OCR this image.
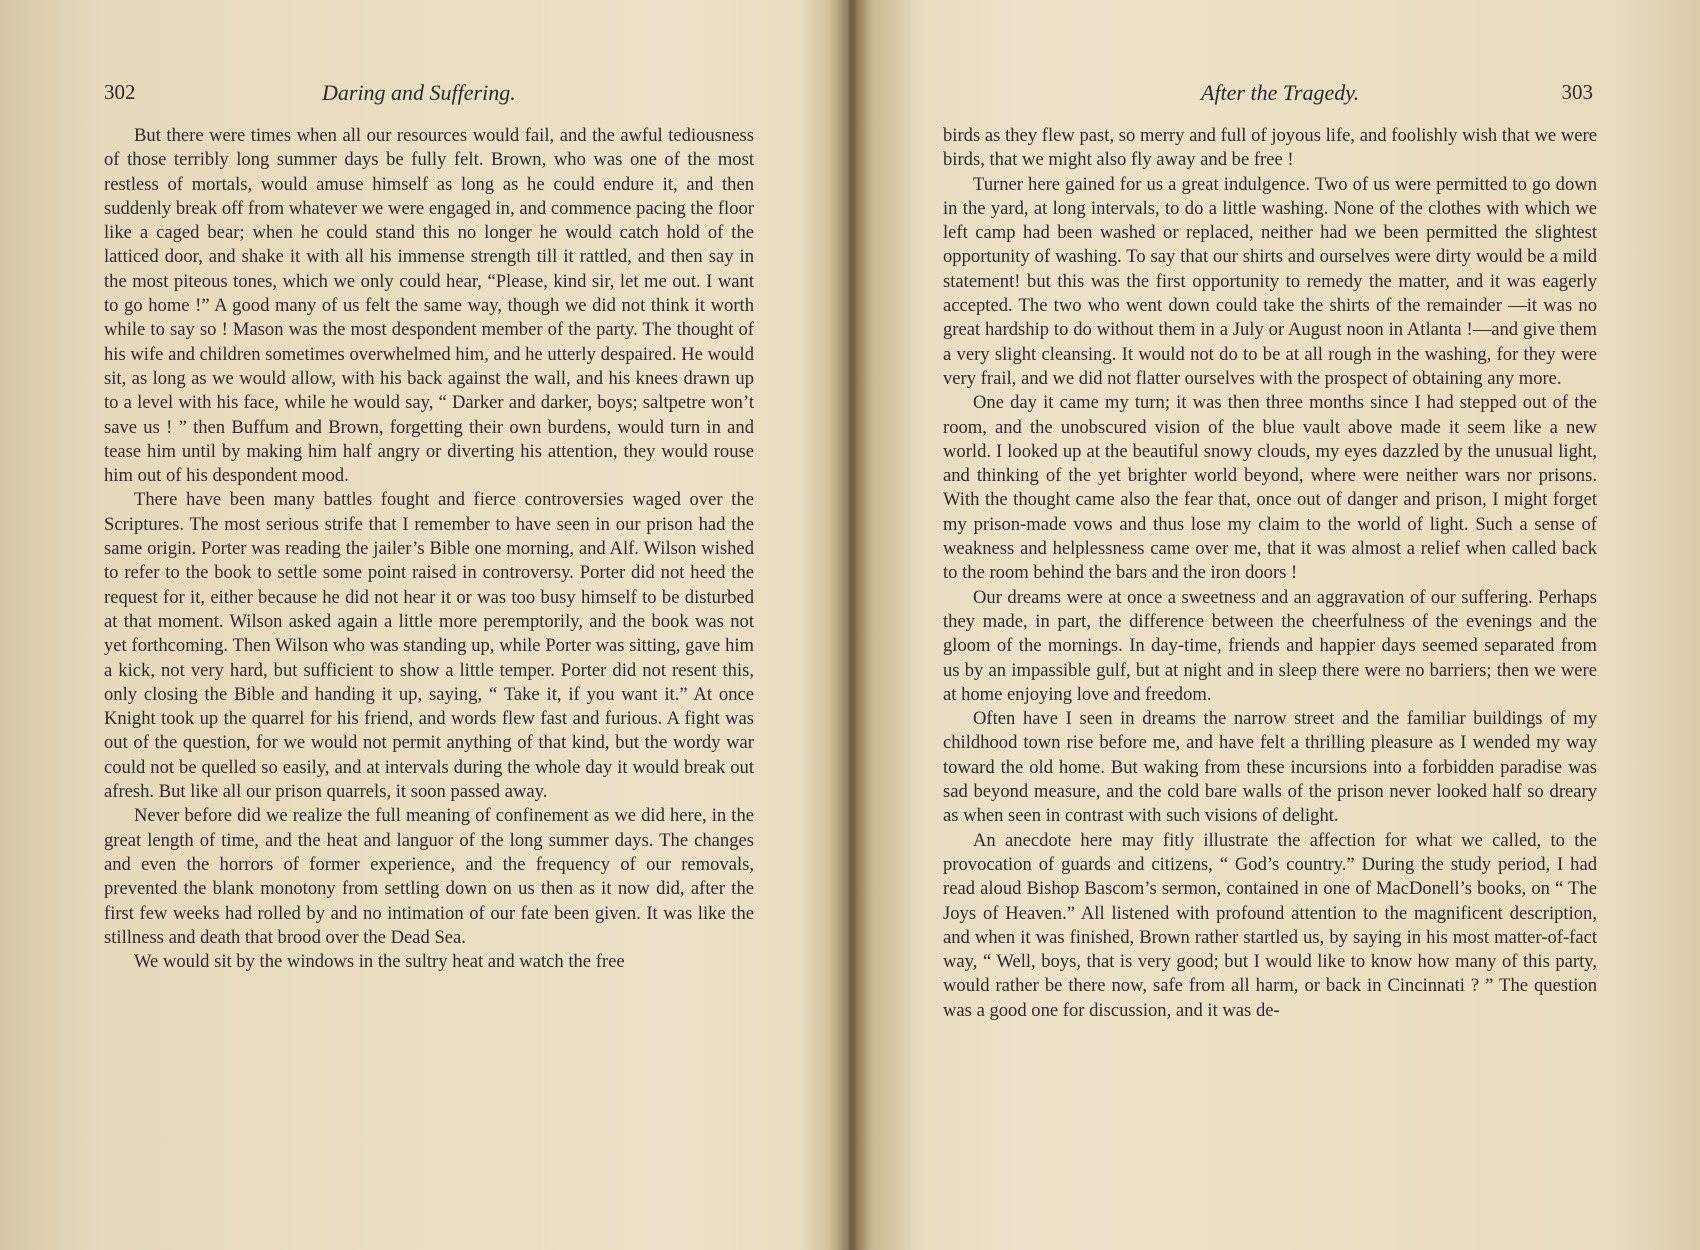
302	Daring and Suffering.

But there were times when all our resources would fail, and the awful tediousness of those terribly long summer days be fully felt. Brown, who was one of the most restless of mortals, would amuse himself as long as he could endure it, and then suddenly break off from whatever we were engaged in, and commence pacing the floor like a caged bear; when he could stand this no longer he would catch hold of the latticed door, and shake it with all his immense strength till it rattled, and then say in the most piteous tones, which we only could hear, “Please, kind sir, let me out. I want to go home !” A good many of us felt the same way, though we did not think it worth while to say so ! Mason was the most despondent member of the party. The thought of his wife and children sometimes overwhelmed him, and he utterly despaired. He would sit, as long as we would allow, with his back against the wall, and his knees drawn up to a level with his face, while he would say, “ Darker and darker, boys; saltpetre won’t save us ! ” then Buffum and Brown, forgetting their own burdens, would turn in and tease him until by making him half angry or diverting his attention, they would rouse him out of his despondent mood.

There have been many battles fought and fierce controversies waged over the Scriptures. The most serious strife that I remember to have seen in our prison had the same origin. Porter was reading the jailer’s Bible one morning, and Alf. Wilson wished to refer to the book to settle some point raised in controversy. Porter did not heed the request for it, either because he did not hear it or was too busy himself to be disturbed at that moment. Wilson asked again a little more peremptorily, and the book was not yet forthcoming. Then Wilson who was standing up, while Porter was sitting, gave him a kick, not very hard, but sufficient to show a little temper. Porter did not resent this, only closing the Bible and handing it up, saying, “ Take it, if you want it.” At once Knight took up the quarrel for his friend, and words flew fast and furious. A fight was out of the question, for we would not permit anything of that kind, but the wordy war could not be quelled so easily, and at intervals during the whole day it would break out afresh. But like all our prison quarrels, it soon passed away.

Never before did we realize the full meaning of confinement as we did here, in the great length of time, and the heat and languor of the long summer days. The changes and even the horrors of former experience, and the frequency of our removals, prevented the blank monotony from settling down on us then as it now did, after the first few weeks had rolled by and no intimation of our fate been given. It was like the stillness and death that brood over the Dead Sea.

We would sit by the windows in the sultry heat and watch the free

After the Tragedy.	303

birds as they flew past, so merry and full of joyous life, and foolishly wish that we were birds, that we might also fly away and be free !

Turner here gained for us a great indulgence. Two of us were permitted to go down in the yard, at long intervals, to do a little washing. None of the clothes with which we left camp had been washed or replaced, neither had we been permitted the slightest opportunity of washing. To say that our shirts and ourselves were dirty would be a mild statement! but this was the first opportunity to remedy the matter, and it was eagerly accepted. The two who went down could take the shirts of the remainder —it was no great hardship to do without them in a July or August noon in Atlanta !—and give them a very slight cleansing. It would not do to be at all rough in the washing, for they were very frail, and we did not flatter ourselves with the prospect of obtaining any more.

One day it came my turn; it was then three months since I had stepped out of the room, and the unobscured vision of the blue vault above made it seem like a new world. I looked up at the beautiful snowy clouds, my eyes dazzled by the unusual light, and thinking of the yet brighter world beyond, where were neither wars nor prisons. With the thought came also the fear that, once out of danger and prison, I might forget my prison-made vows and thus lose my claim to the world of light. Such a sense of weakness and helplessness came over me, that it was almost a relief when called back to the room behind the bars and the iron doors !

Our dreams were at once a sweetness and an aggravation of our suffering. Perhaps they made, in part, the difference between the cheerfulness of the evenings and the gloom of the mornings. In day-time, friends and happier days seemed separated from us by an impassible gulf, but at night and in sleep there were no barriers; then we were at home enjoying love and freedom.

Often have I seen in dreams the narrow street and the familiar buildings of my childhood town rise before me, and have felt a thrilling pleasure as I wended my way toward the old home. But waking from these incursions into a forbidden paradise was sad beyond measure, and the cold bare walls of the prison never looked half so dreary as when seen in contrast with such visions of delight.

An anecdote here may fitly illustrate the affection for what we called, to the provocation of guards and citizens, “ God’s country.” During the study period, I had read aloud Bishop Bascom’s sermon, contained in one of MacDonell’s books, on “ The Joys of Heaven.” All listened with profound attention to the magnificent description, and when it was finished, Brown rather startled us, by saying in his most matter-of-fact way, “ Well, boys, that is very good; but I would like to know how many of this party, would rather be there now, safe from all harm, or back in Cincinnati ? ” The question was a good one for discussion, and it was de-
